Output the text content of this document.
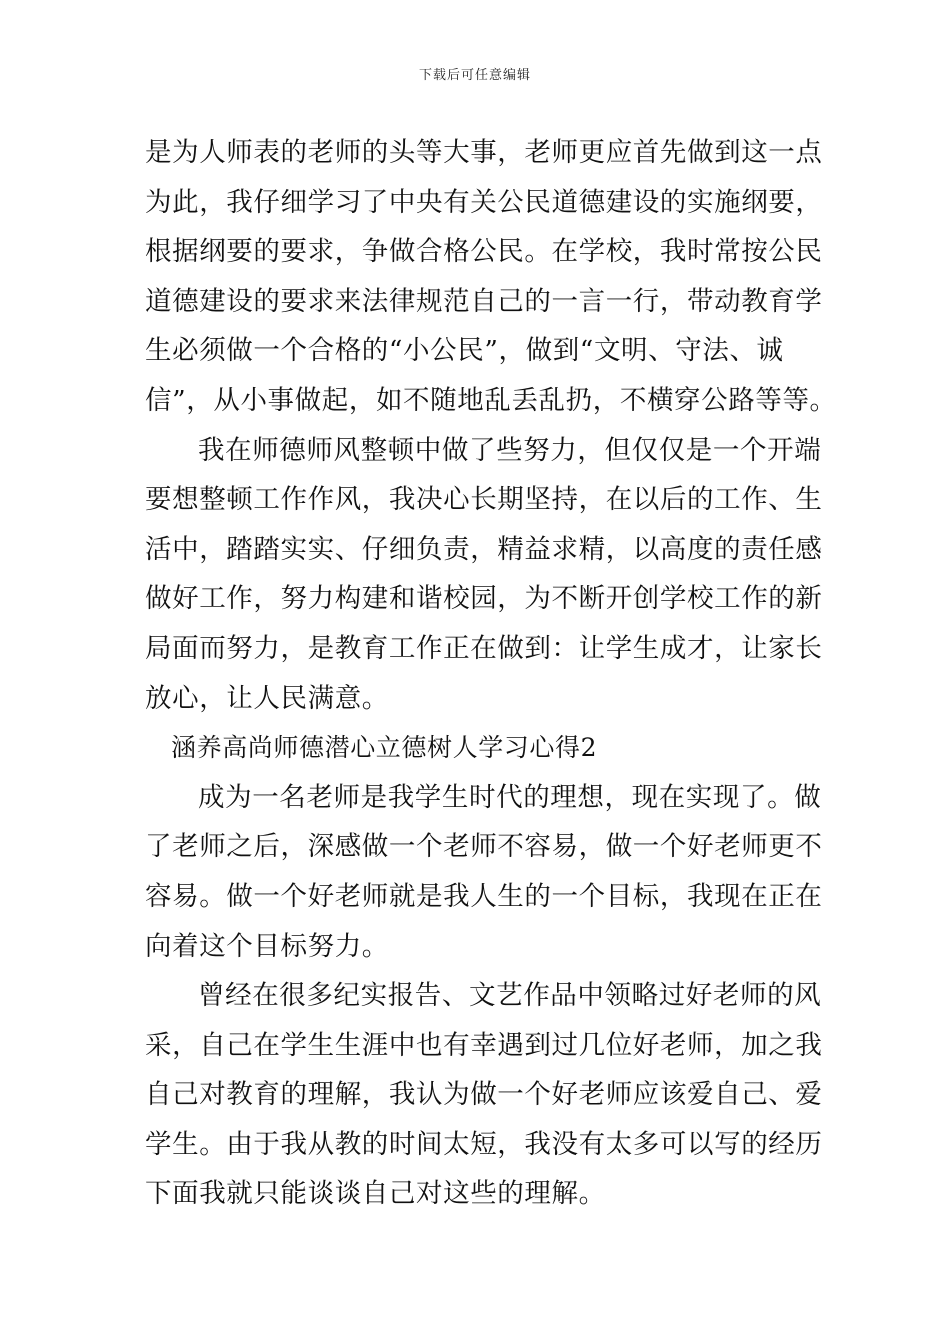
下载后可任意编辑
是为人师表的老师的头等大事，老师更应首先做到这一点
为此，我仔细学习了中央有关公民道德建设的实施纲要，
根据纲要的要求，争做合格公民。在学校，我时常按公民
道德建设的要求来法律规范自己的一言一行，带动教育学
生必须做一个合格的“小公民”，做到“文明、守法、诚
信”，从小事做起，如不随地乱丢乱扔，不横穿公路等等。
我在师德师风整顿中做了些努力，但仅仅是一个开端
要想整顿工作作风，我决心长期坚持，在以后的工作、生
活中，踏踏实实、仔细负责，精益求精，以高度的责任感
做好工作，努力构建和谐校园，为不断开创学校工作的新
局面而努力，是教育工作正在做到：让学生成才，让家长
放心，让人民满意。
涵养高尚师德潜心立德树人学习心得2
成为一名老师是我学生时代的理想，现在实现了。做
了老师之后，深感做一个老师不容易，做一个好老师更不
容易。做一个好老师就是我人生的一个目标，我现在正在
向着这个目标努力。
曾经在很多纪实报告、文艺作品中领略过好老师的风
采，自己在学生生涯中也有幸遇到过几位好老师，加之我
自己对教育的理解，我认为做一个好老师应该爱自己、爱
学生。由于我从教的时间太短，我没有太多可以写的经历
下面我就只能谈谈自己对这些的理解。
